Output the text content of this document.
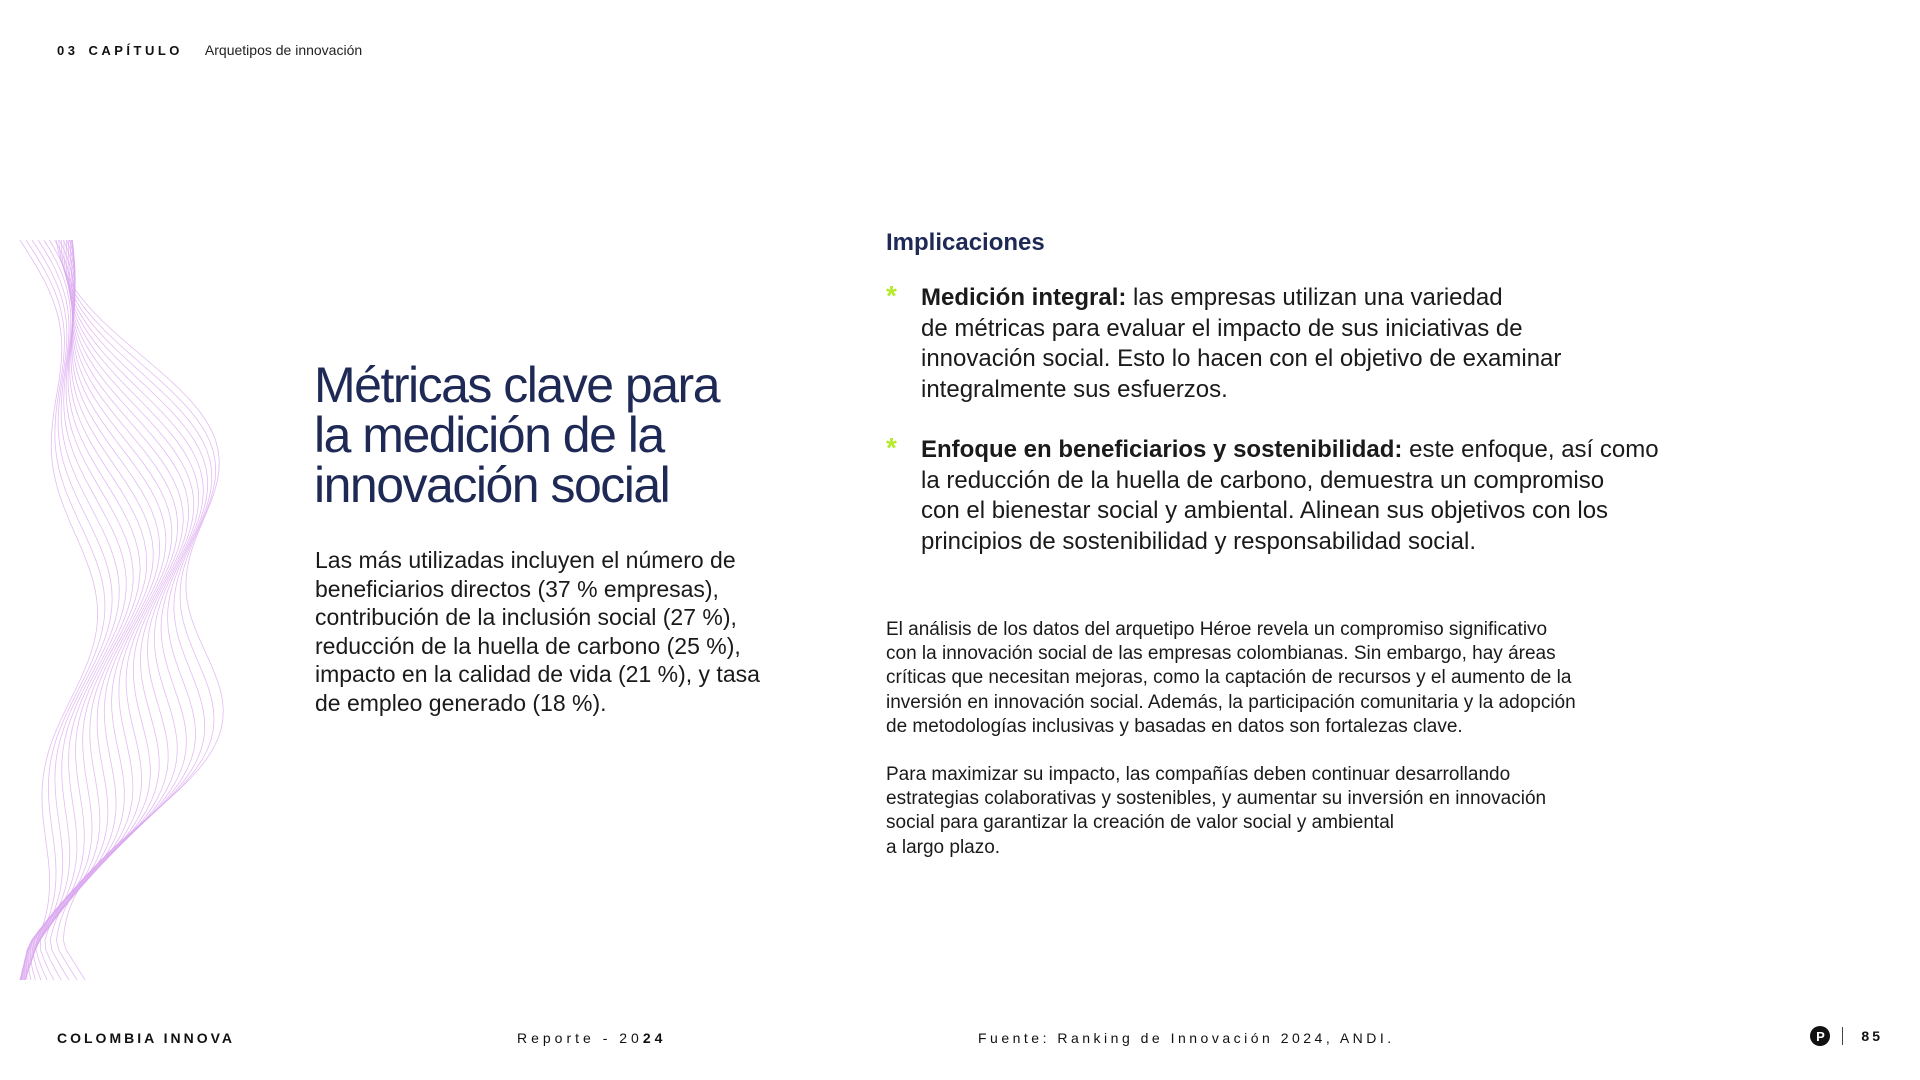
03 CAPÍTULO Arquetipos de innovación
Métricas clave para
la medición de la
innovación social

Las más utilizadas incluyen el número de
beneficiarios directos (37 % empresas),
contribución de la inclusión social (27 %),
reducción de la huella de carbono (25 %),
impacto en la calidad de vida (21 %), y tasa
de empleo generado (18 %).

Implicaciones
* Medición integral: las empresas utilizan una variedad
de métricas para evaluar el impacto de sus iniciativas de
innovación social. Esto lo hacen con el objetivo de examinar
integralmente sus esfuerzos.
* Enfoque en beneficiarios y sostenibilidad: este enfoque, así como
la reducción de la huella de carbono, demuestra un compromiso
con el bienestar social y ambiental. Alinean sus objetivos con los
principios de sostenibilidad y responsabilidad social.

El análisis de los datos del arquetipo Héroe revela un compromiso significativo
con la innovación social de las empresas colombianas. Sin embargo, hay áreas
críticas que necesitan mejoras, como la captación de recursos y el aumento de la
inversión en innovación social. Además, la participación comunitaria y la adopción
de metodologías inclusivas y basadas en datos son fortalezas clave.

Para maximizar su impacto, las compañías deben continuar desarrollando
estrategias colaborativas y sostenibles, y aumentar su inversión en innovación
social para garantizar la creación de valor social y ambiental
a largo plazo.

COLOMBIA INNOVA	Reporte - 2024	Fuente: Ranking de Innovación 2024, ANDI.	P	85
